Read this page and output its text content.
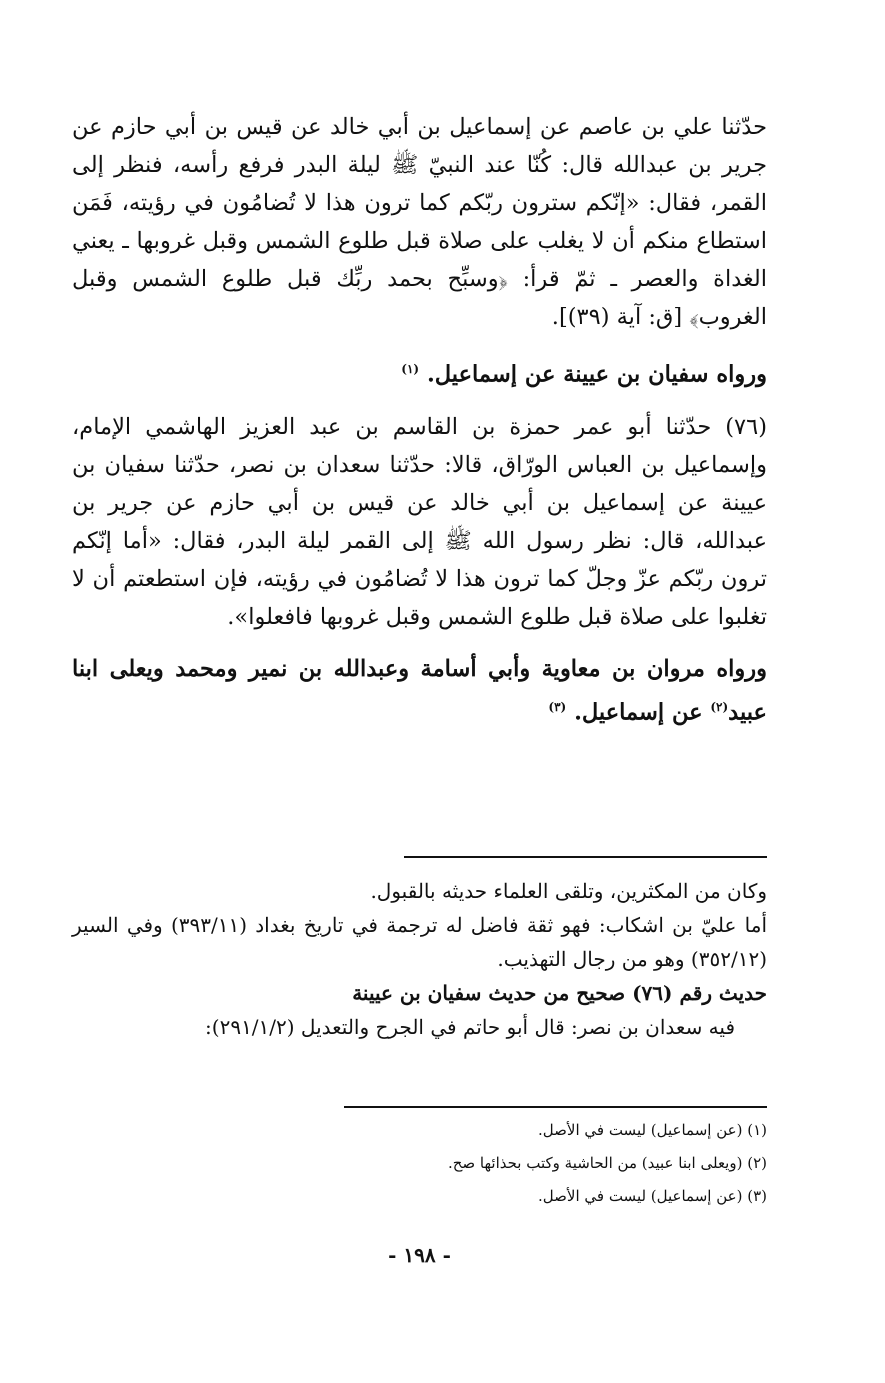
حدّثنا علي بن عاصم عن إسماعيل بن أبي خالد عن قيس بن أبي حازم عن جرير بن عبدالله قال: كُنّا عند النبيّ ﷺ ليلة البدر فرفع رأسه، فنظر إلى القمر، فقال: «إنّكم سترون ربّكم كما ترون هذا لا تُضامُون في رؤيته، فَمَن استطاع منكم أن لا يغلب على صلاة قبل طلوع الشمس وقبل غروبها ـ يعني الغداة والعصر ـ ثمّ قرأ: ﴿وسبِّح بحمد ربِّك قبل طلوع الشمس وقبل الغروب﴾ [ق: آية (٣٩)].

ورواه سفيان بن عيينة عن إسماعيل. $^{(١)}$

(٧٦) حدّثنا أبو عمر حمزة بن القاسم بن عبد العزيز الهاشمي الإمام، وإسماعيل بن العباس الورّاق، قالا: حدّثنا سعدان بن نصر، حدّثنا سفيان بن عيينة عن إسماعيل بن أبي خالد عن قيس بن أبي حازم عن جرير بن عبدالله، قال: نظر رسول الله ﷺ إلى القمر ليلة البدر، فقال: «أما إنّكم ترون ربّكم عزّ وجلّ كما ترون هذا لا تُضامُون في رؤيته، فإن استطعتم أن لا تغلبوا على صلاة قبل طلوع الشمس وقبل غروبها فافعلوا».

ورواه مروان بن معاوية وأبي أسامة وعبدالله بن نمير ومحمد ويعلى ابنا عبيد$^{(٢)}$ عن إسماعيل. $^{(٣)}$

وكان من المكثرين، وتلقى العلماء حديثه بالقبول.

أما عليّ بن اشكاب: فهو ثقة فاضل له ترجمة في تاريخ بغداد (٣٩٣/١١) وفي السير (٣٥٢/١٢) وهو من رجال التهذيب.

حديث رقم (٧٦) صحيح من حديث سفيان بن عيينة

فيه سعدان بن نصر: قال أبو حاتم في الجرح والتعديل (٢٩١/١/٢):

(١) (عن إسماعيل) ليست في الأصل.

(٢) (ويعلى ابنا عبيد) من الحاشية وكتب بحذائها صح.

(٣) (عن إسماعيل) ليست في الأصل.

- ١٩٨ -
